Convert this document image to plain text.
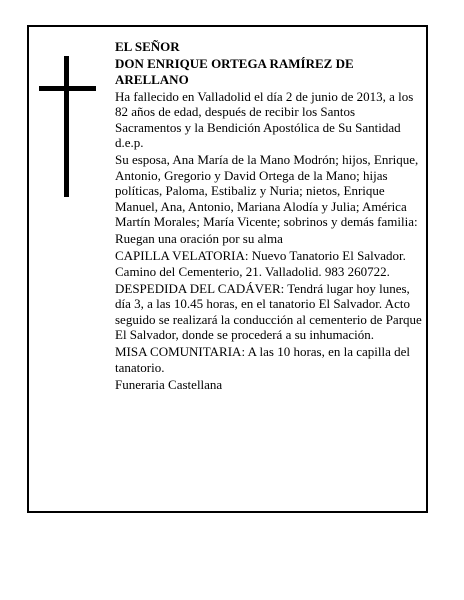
EL SEÑOR

DON ENRIQUE ORTEGA RAMÍREZ DE ARELLANO

Ha fallecido en Valladolid el día 2 de junio de 2013, a los 82 años de edad, después de recibir los Santos Sacramentos y la Bendición Apostólica de Su Santidad d.e.p.

Su esposa, Ana María de la Mano Modrón; hijos, Enrique, Antonio, Gregorio y David Ortega de la Mano; hijas políticas, Paloma, Estibaliz y Nuria; nietos, Enrique Manuel, Ana, Antonio, Mariana Alodía y Julia; América Martín Morales; María Vicente; sobrinos y demás familia:

Ruegan una oración por su alma

CAPILLA VELATORIA: Nuevo Tanatorio El Salvador. Camino del Cementerio, 21. Valladolid. 983 260722.

DESPEDIDA DEL CADÁVER: Tendrá lugar hoy lunes, día 3, a las 10.45 horas, en el tanatorio El Salvador. Acto seguido se realizará la conducción al cementerio de Parque El Salvador, donde se procederá a su inhumación.

MISA COMUNITARIA: A las 10 horas, en la capilla del tanatorio.

Funeraria Castellana
